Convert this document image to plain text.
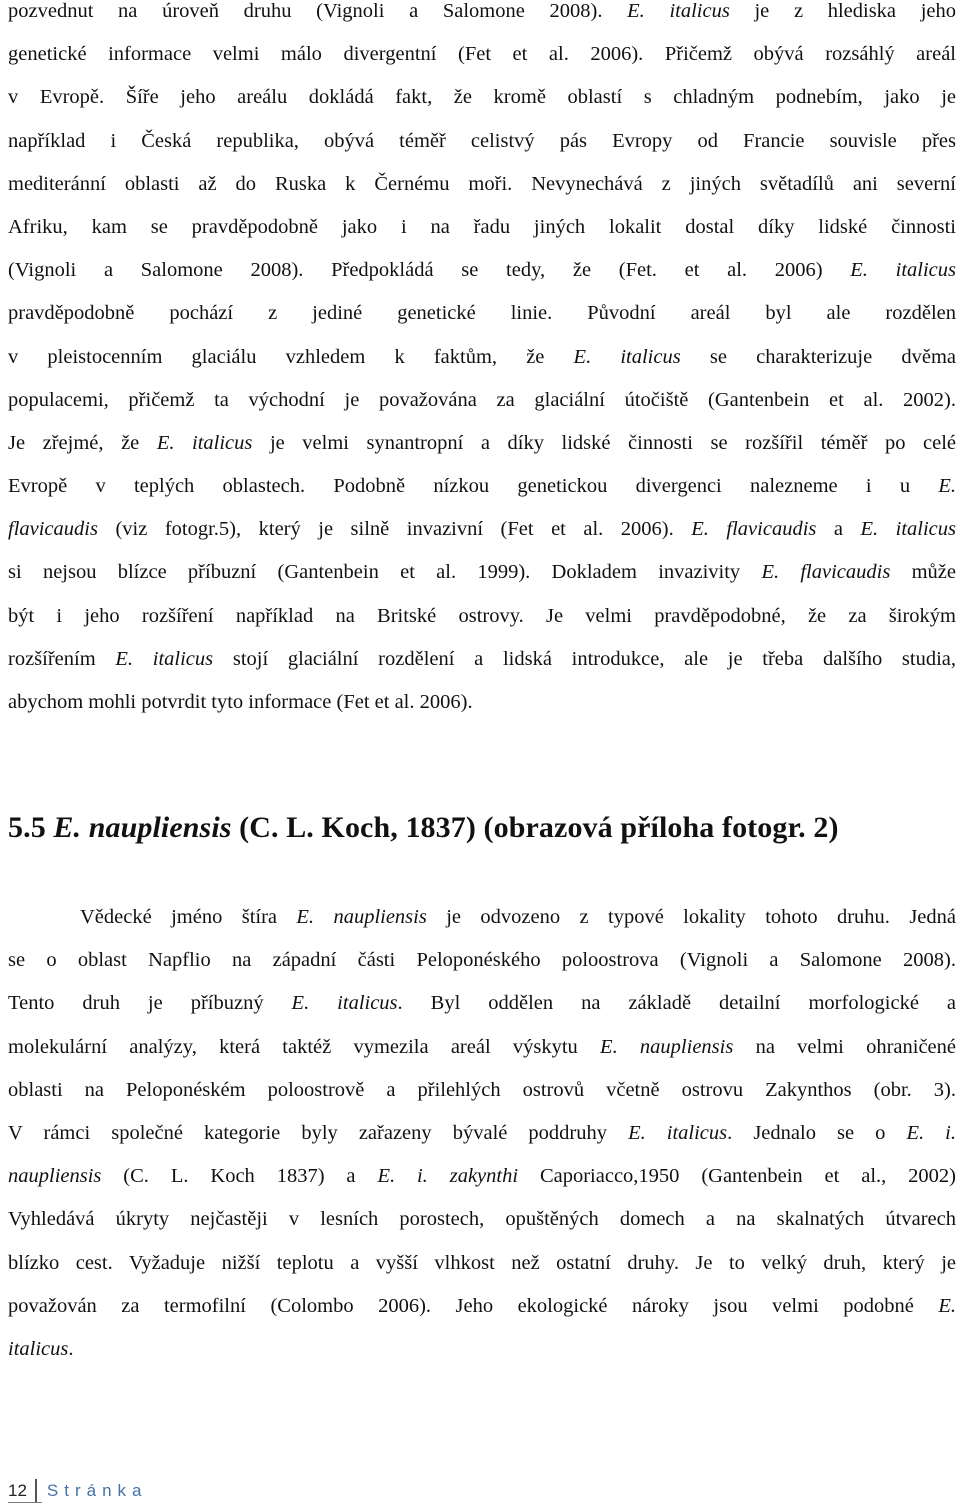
pozvednut na úroveň druhu (Vignoli a Salomone 2008). E. italicus je z hlediska jeho
genetické informace velmi málo divergentní (Fet et al. 2006). Přičemž obývá rozsáhlý areál
v Evropě. Šíře jeho areálu dokládá fakt, že kromě oblastí s chladným podnebím, jako je
například i Česká republika, obývá téměř celistvý pás Evropy od Francie souvisle přes
mediteránní oblasti až do Ruska k Černému moři. Nevynechává z jiných světadílů ani severní
Afriku, kam se pravděpodobně jako i na řadu jiných lokalit dostal díky lidské činnosti
(Vignoli a Salomone 2008). Předpokládá se tedy, že (Fet. et al. 2006) E. italicus
pravděpodobně pochází z jediné genetické linie. Původní areál byl ale rozdělen
v pleistocenním glaciálu vzhledem k faktům, že E. italicus se charakterizuje dvěma
populacemi, přičemž ta východní je považována za glaciální útočiště (Gantenbein et al. 2002).
Je zřejmé, že E. italicus je velmi synantropní a díky lidské činnosti se rozšířil téměř po celé
Evropě v teplých oblastech. Podobně nízkou genetickou divergenci nalezneme i u E.
flavicaudis (viz fotogr.5), který je silně invazivní (Fet et al. 2006). E. flavicaudis a E. italicus
si nejsou blízce příbuzní (Gantenbein et al. 1999). Dokladem invazivity E. flavicaudis může
být i jeho rozšíření například na Britské ostrovy. Je velmi pravděpodobné, že za širokým
rozšířením E. italicus stojí glaciální rozdělení a lidská introdukce, ale je třeba dalšího studia,
abychom mohli potvrdit tyto informace (Fet et al. 2006).
5.5 E. naupliensis (C. L. Koch, 1837) (obrazová příloha fotogr. 2)
Vědecké jméno štíra E. naupliensis je odvozeno z typové lokality tohoto druhu. Jedná
se o oblast Napflio na západní části Peloponéského poloostrova (Vignoli a Salomone 2008).
Tento druh je příbuzný E. italicus. Byl oddělen na základě detailní morfologické a
molekulární analýzy, která taktéž vymezila areál výskytu E. naupliensis na velmi ohraničené
oblasti na Peloponéském poloostrově a přilehlých ostrovů včetně ostrovu Zakynthos (obr. 3).
V rámci společné kategorie byly zařazeny bývalé poddruhy E. italicus. Jednalo se o E. i.
naupliensis (C. L. Koch 1837) a E. i. zakynthi Caporiacco,1950 (Gantenbein et al., 2002)
Vyhledává úkryty nejčastěji v lesních porostech, opuštěných domech a na skalnatých útvarech
blízko cest. Vyžaduje nižší teplotu a vyšší vlhkost než ostatní druhy. Je to velký druh, který je
považován za termofilní (Colombo 2006). Jeho ekologické nároky jsou velmi podobné E.
italicus.
12	Stránka
